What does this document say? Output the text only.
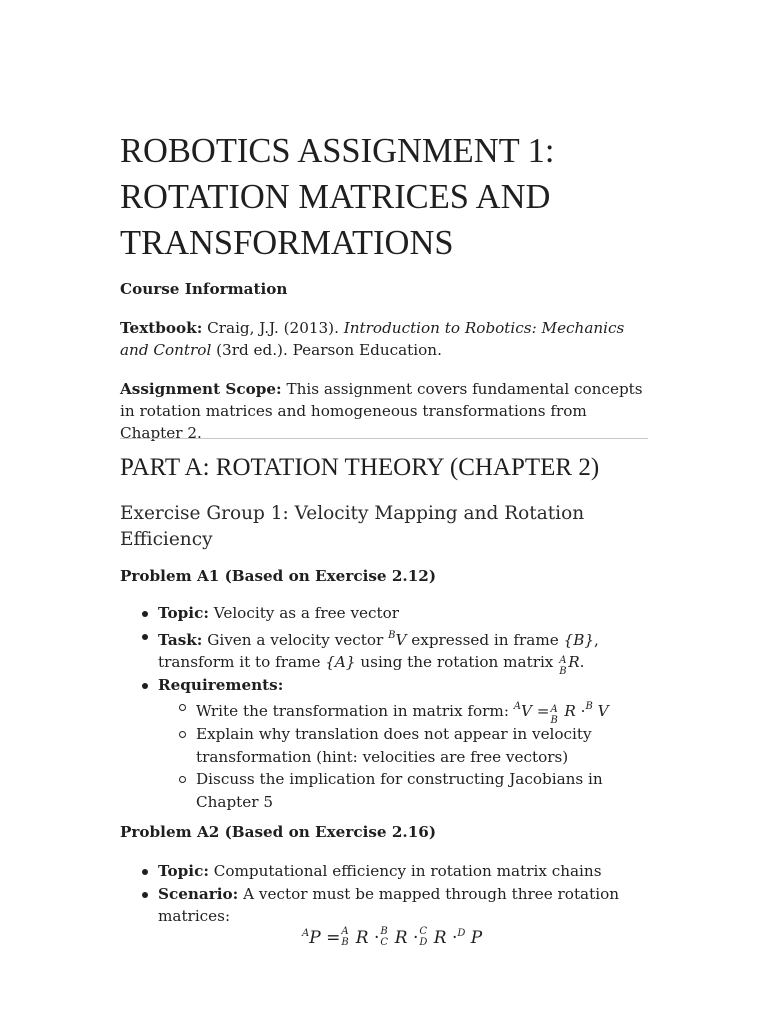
ROBOTICS ASSIGNMENT 1: ROTATION MATRICES AND TRANSFORMATIONS

Course Information

Textbook: Craig, J.J. (2013). Introduction to Robotics: Mechanics and Control (3rd ed.). Pearson Education.

Assignment Scope: This assignment covers fundamental concepts in rotation matrices and homogeneous transformations from Chapter 2.

PART A: ROTATION THEORY (CHAPTER 2)
Exercise Group 1: Velocity Mapping and Rotation Efficiency

Problem A1 (Based on Exercise 2.12)

Topic: Velocity as a free vector
Task: Given a velocity vector $^B$V expressed in frame {B},
transform it to frame {A} using the rotation matrix A
B
R.
Requirements:
Write the transformation in matrix form: $^A$V = A
B
R ·$^B$ V
Explain why translation does not appear in velocity transformation (hint: velocities are free vectors)
Discuss the implication for constructing Jacobians in Chapter 5

Problem A2 (Based on Exercise 2.16)

Topic: Computational efficiency in rotation matrix chains
Scenario: A vector must be mapped through three rotation matrices:
$^A$P = A
B R · B
C R · C
D R ·$^D$ P
